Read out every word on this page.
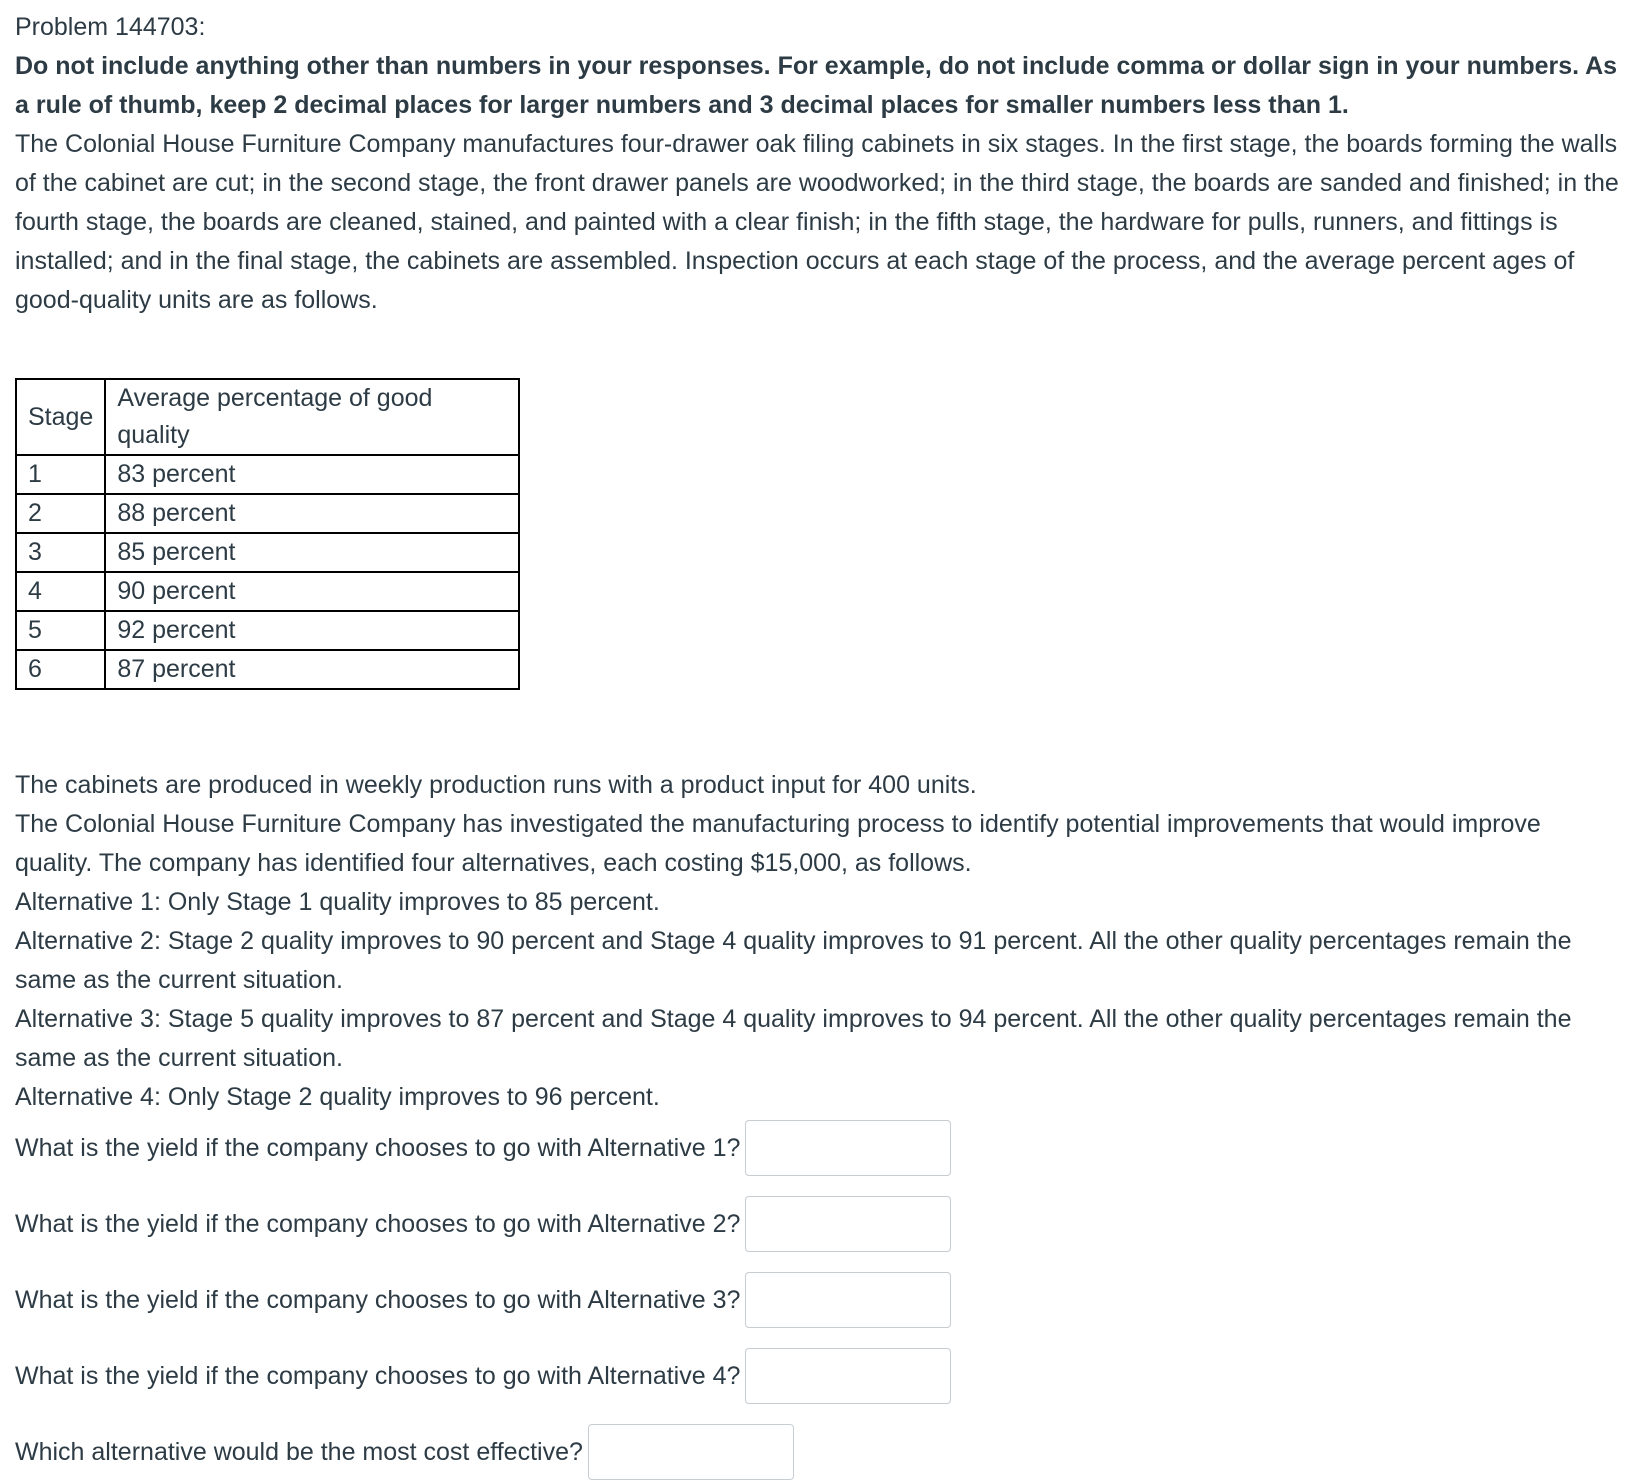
Problem 144703:

Do not include anything other than numbers in your responses. For example, do not include comma or dollar sign in your numbers. As a rule of thumb, keep 2 decimal places for larger numbers and 3 decimal places for smaller numbers less than 1.

The Colonial House Furniture Company manufactures four-drawer oak filing cabinets in six stages. In the first stage, the boards forming the walls of the cabinet are cut; in the second stage, the front drawer panels are woodworked; in the third stage, the boards are sanded and finished; in the fourth stage, the boards are cleaned, stained, and painted with a clear finish; in the fifth stage, the hardware for pulls, runners, and fittings is installed; and in the final stage, the cabinets are assembled. Inspection occurs at each stage of the process, and the average percent ages of good-quality units are as follows.

Stage	Average percentage of good quality
1	83 percent
2	88 percent
3	85 percent
4	90 percent
5	92 percent
6	87 percent

The cabinets are produced in weekly production runs with a product input for 400 units.

The Colonial House Furniture Company has investigated the manufacturing process to identify potential improvements that would improve quality. The company has identified four alternatives, each costing $15,000, as follows.

Alternative 1: Only Stage 1 quality improves to 85 percent.

Alternative 2: Stage 2 quality improves to 90 percent and Stage 4 quality improves to 91 percent. All the other quality percentages remain the same as the current situation.

Alternative 3: Stage 5 quality improves to 87 percent and Stage 4 quality improves to 94 percent. All the other quality percentages remain the same as the current situation.

Alternative 4: Only Stage 2 quality improves to 96 percent.

What is the yield if the company chooses to go with Alternative 1?
What is the yield if the company chooses to go with Alternative 2?
What is the yield if the company chooses to go with Alternative 3?
What is the yield if the company chooses to go with Alternative 4?
Which alternative would be the most cost effective?
